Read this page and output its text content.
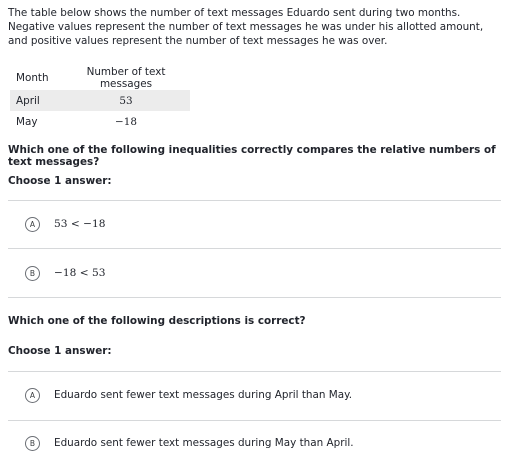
The table below shows the number of text messages Eduardo sent during two months. Negative values represent the number of text messages he was under his allotted amount, and positive values represent the number of text messages he was over.

Month	Number of text messages
April	53
May	−18

Which one of the following inequalities correctly compares the relative numbers of text messages?

Choose 1 answer:

A	53 < −18
B	−18 < 53

Which one of the following descriptions is correct?

Choose 1 answer:

A	Eduardo sent fewer text messages during April than May.
B	Eduardo sent fewer text messages during May than April.
